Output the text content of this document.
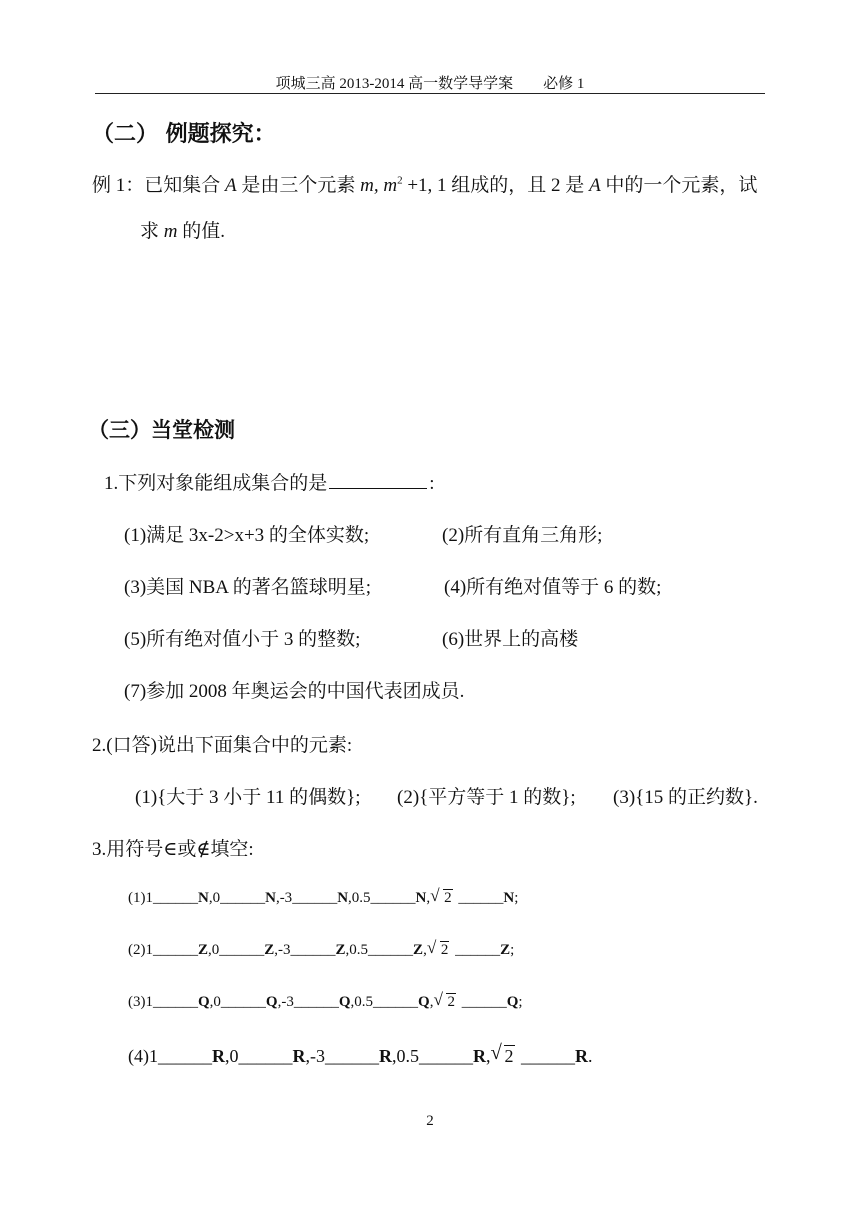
项城三高 2013-2014 高一数学导学案　　必修 1
（二） 例题探究：
例 1：已知集合 A 是由三个元素 m, $m^2 +1$, 1 组成的，且 2 是 A 中的一个元素，试
求 m 的值.
（三）当堂检测
1.下列对象能组成集合的是	:
(1)满足 3x-2>x+3 的全体实数;	(2)所有直角三角形;
(3)美国 NBA 的著名篮球明星;	(4)所有绝对值等于 6 的数;
(5)所有绝对值小于 3 的整数;	(6)世界上的高楼
(7)参加 2008 年奥运会的中国代表团成员.
2.(口答)说出下面集合中的元素:
(1){大于 3 小于 11 的偶数}; (2){平方等于 1 的数}; (3){15 的正约数}.
3.用符号∈或∉填空:
(1)1______N,0______N,-3______N,0.5______N, √ 2 ______N;
(2)1______Z,0______Z,-3______Z,0.5______Z, √ 2 ______Z;
(3)1______Q,0______Q,-3______Q,0.5______Q, √ 2 ______Q;
(4)1______R,0______R,-3______R,0.5______R, √ 2 ______R.
2
